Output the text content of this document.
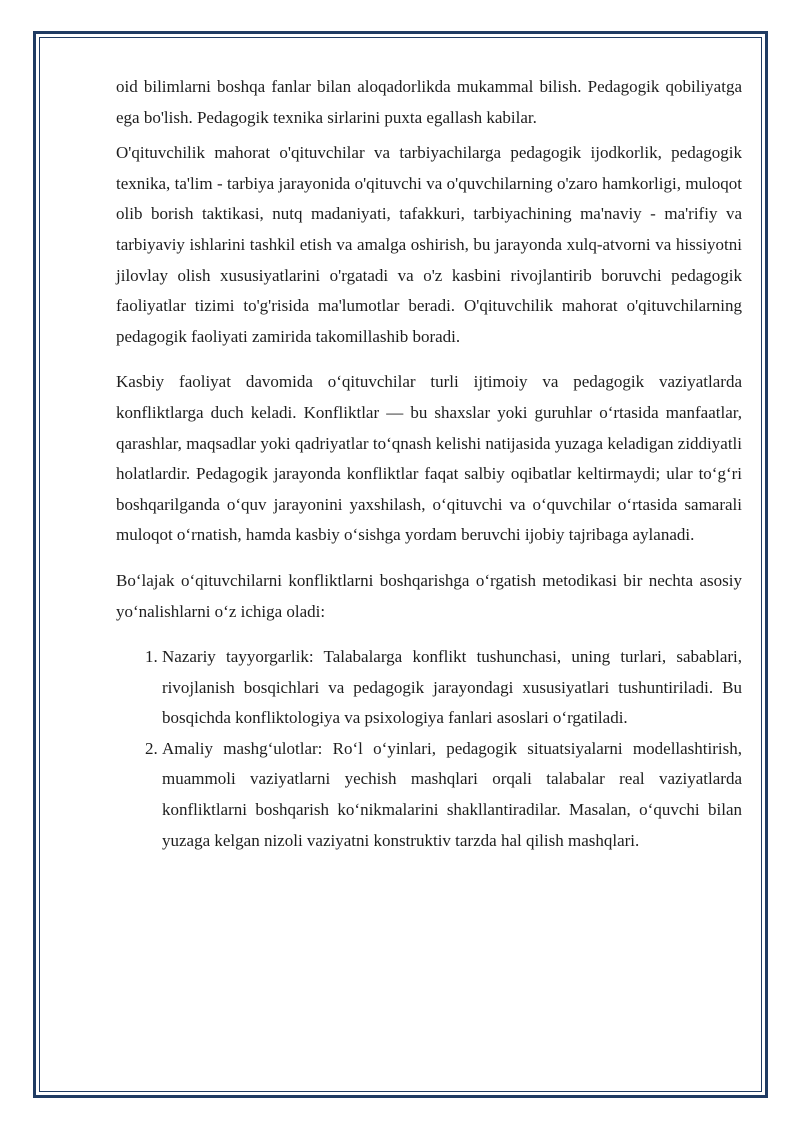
oid bilimlarni boshqa fanlar bilan aloqadorlikda mukammal bilish. Pedagogik qobiliyatga ega bo'lish. Pedagogik texnika sirlarini puxta egallash kabilar.

O'qituvchilik mahorat o'qituvchilar va tarbiyachilarga pedagogik ijodkorlik, pedagogik texnika, ta'lim - tarbiya jarayonida o'qituvchi va o'quvchilarning o'zaro hamkorligi, muloqot olib borish taktikasi, nutq madaniyati, tafakkuri, tarbiyachining ma'naviy - ma'rifiy va tarbiyaviy ishlarini tashkil etish va amalga oshirish, bu jarayonda xulq-atvorni va hissiyotni jilovlay olish xususiyatlarini o'rgatadi va o'z kasbini rivojlantirib boruvchi pedagogik faoliyatlar tizimi to'g'risida ma'lumotlar beradi. O'qituvchilik mahorat o'qituvchilarning pedagogik faoliyati zamirida takomillashib boradi.

Kasbiy faoliyat davomida o‘qituvchilar turli ijtimoiy va pedagogik vaziyatlarda konfliktlarga duch keladi. Konfliktlar — bu shaxslar yoki guruhlar o‘rtasida manfaatlar, qarashlar, maqsadlar yoki qadriyatlar to‘qnash kelishi natijasida yuzaga keladigan ziddiyatli holatlardir. Pedagogik jarayonda konfliktlar faqat salbiy oqibatlar keltirmaydi; ular to‘g‘ri boshqarilganda o‘quv jarayonini yaxshilash, o‘qituvchi va o‘quvchilar o‘rtasida samarali muloqot o‘rnatish, hamda kasbiy o‘sishga yordam beruvchi ijobiy tajribaga aylanadi.

Bo‘lajak o‘qituvchilarni konfliktlarni boshqarishga o‘rgatish metodikasi bir nechta asosiy yo‘nalishlarni o‘z ichiga oladi:

1. Nazariy tayyorgarlik: Talabalarga konflikt tushunchasi, uning turlari, sabablari, rivojlanish bosqichlari va pedagogik jarayondagi xususiyatlari tushuntiriladi. Bu bosqichda konfliktologiya va psixologiya fanlari asoslari o‘rgatiladi.
2. Amaliy mashg‘ulotlar: Ro‘l o‘yinlari, pedagogik situatsiyalarni modellashtirish, muammoli vaziyatlarni yechish mashqlari orqali talabalar real vaziyatlarda konfliktlarni boshqarish ko‘nikmalarini shakllantiradilar. Masalan, o‘quvchi bilan yuzaga kelgan nizoli vaziyatni konstruktiv tarzda hal qilish mashqlari.
